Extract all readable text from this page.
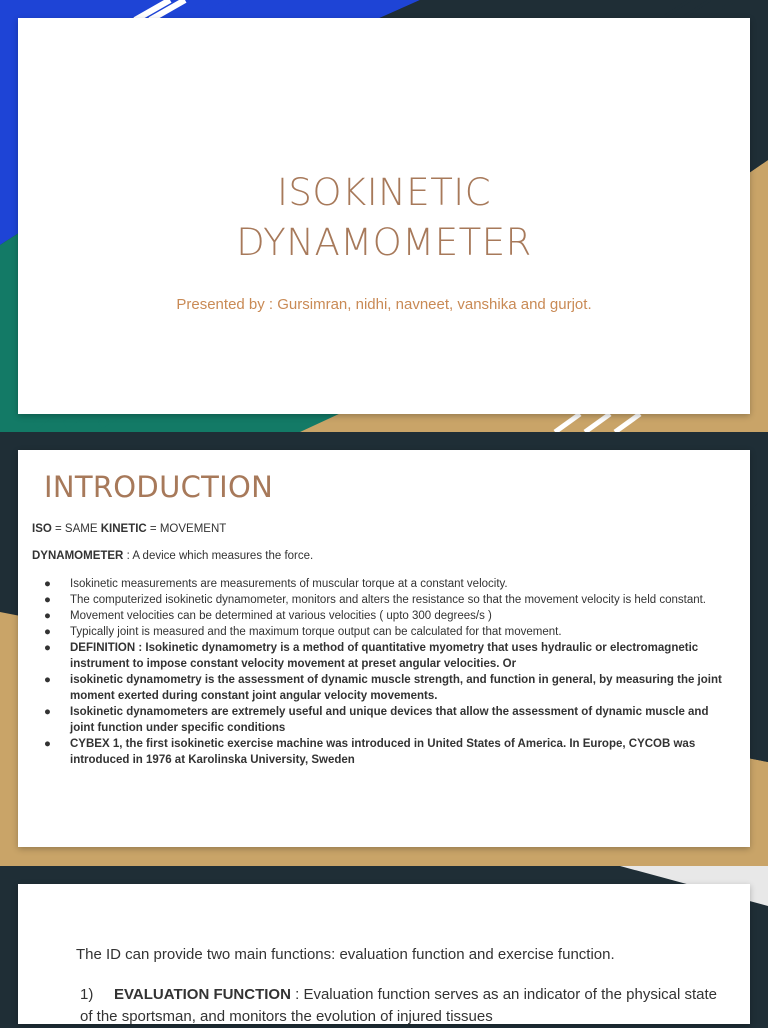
ISOKINETIC
DYNAMOMETER
Presented by : Gursimran, nidhi, navneet, vanshika and gurjot.
INTRODUCTION

ISO = SAME KINETIC = MOVEMENT

DYNAMOMETER : A device which measures the force.

● Isokinetic measurements are measurements of muscular torque at a constant velocity.
● The computerized isokinetic dynamometer, monitors and alters the resistance so that the movement velocity is held constant.
● Movement velocities can be determined at various velocities ( upto 300 degrees/s )
● Typically joint is measured and the maximum torque output can be calculated for that movement.
● DEFINITION : Isokinetic dynamometry is a method of quantitative myometry that uses hydraulic or electromagnetic instrument to impose constant velocity movement at preset angular velocities. Or
● isokinetic dynamometry is the assessment of dynamic muscle strength, and function in general, by measuring the joint moment exerted during constant joint angular velocity movements.
● Isokinetic dynamometers are extremely useful and unique devices that allow the assessment of dynamic muscle and joint function under specific conditions
● CYBEX 1, the first isokinetic exercise machine was introduced in United States of America. In Europe, CYCOB was introduced in 1976 at Karolinska University, Sweden
The ID can provide two main functions: evaluation function and exercise function.
1) EVALUATION FUNCTION : Evaluation function serves as an indicator of the physical state of the sportsman, and monitors the evolution of injured tissues
